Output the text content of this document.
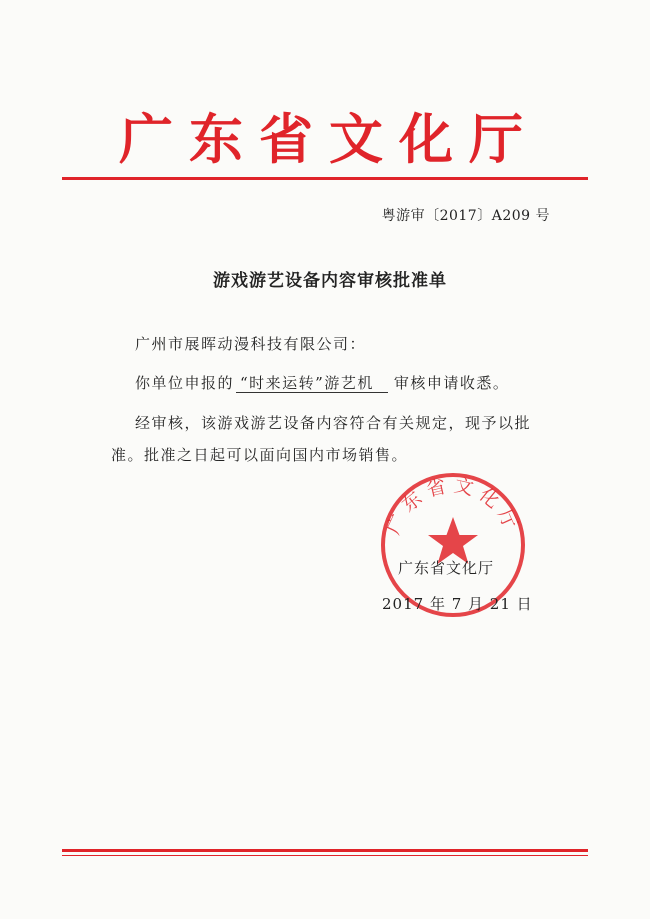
广东省文化厅
粤游审〔2017〕A209 号
游戏游艺设备内容审核批准单
广州市展晖动漫科技有限公司：
你单位申报的 “时来运转”游艺机 审核申请收悉。
经审核，该游戏游艺设备内容符合有关规定，现予以批
准。批准之日起可以面向国内市场销售。
广东省文化厅
广东省文化厅
2017 年 7 月 21 日
